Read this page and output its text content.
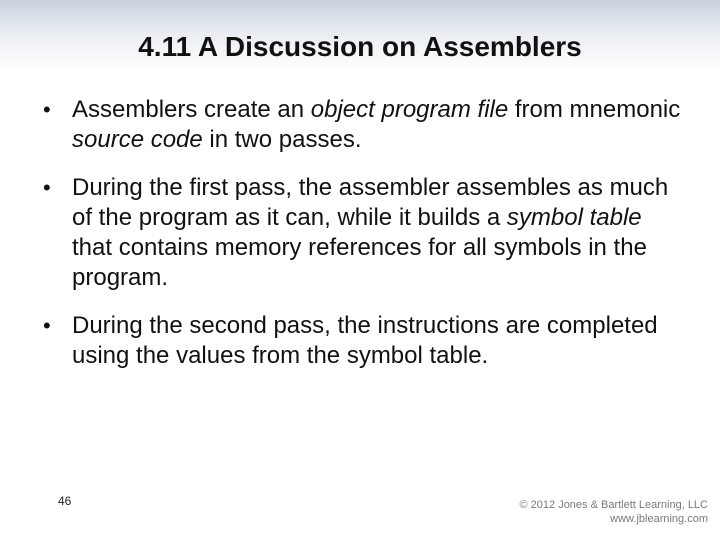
4.11 A Discussion on Assemblers
• Assemblers create an object program file from mnemonic source code in two passes.
• During the first pass, the assembler assembles as much of the program as it can, while it builds a symbol table that contains memory references for all symbols in the program.
• During the second pass, the instructions are completed using the values from the symbol table.
46	© 2012 Jones & Bartlett Learning, LLC
www.jblearning.com
